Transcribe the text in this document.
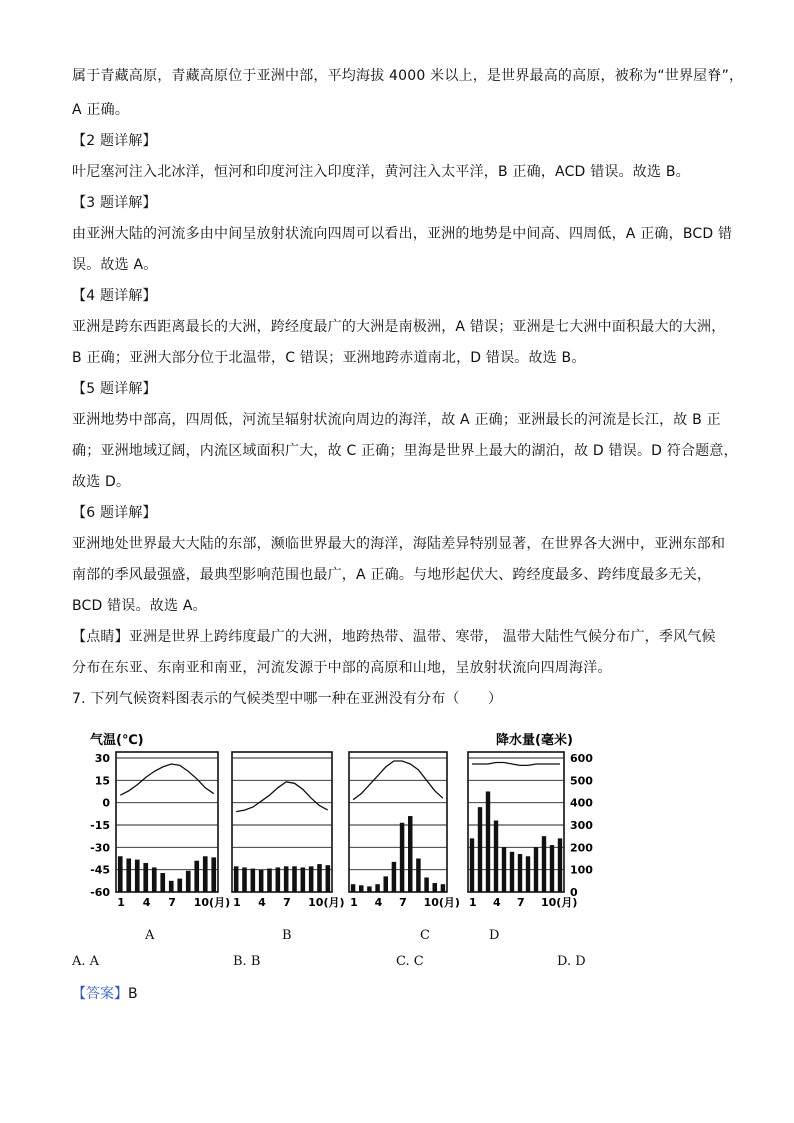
属于青藏高原，青藏高原位于亚洲中部，平均海拔 4000 米以上，是世界最高的高原，被称为“世界屋脊”，
A 正确。
【2 题详解】
叶尼塞河注入北冰洋，恒河和印度河注入印度洋，黄河注入太平洋，B 正确，ACD 错误。故选 B。
【3 题详解】
由亚洲大陆的河流多由中间呈放射状流向四周可以看出，亚洲的地势是中间高、四周低，A 正确，BCD 错
误。故选 A。
【4 题详解】
亚洲是跨东西距离最长的大洲，跨经度最广的大洲是南极洲，A 错误；亚洲是七大洲中面积最大的大洲，
B 正确；亚洲大部分位于北温带，C 错误；亚洲地跨赤道南北，D 错误。故选 B。
【5 题详解】
亚洲地势中部高，四周低，河流呈辐射状流向周边的海洋，故 A 正确；亚洲最长的河流是长江，故 B 正
确；亚洲地域辽阔，内流区域面积广大，故 C 正确；里海是世界上最大的湖泊，故 D 错误。D 符合题意，
故选 D。
【6 题详解】
亚洲地处世界最大大陆的东部，濒临世界最大的海洋，海陆差异特别显著，在世界各大洲中，亚洲东部和
南部的季风最强盛，最典型影响范围也最广，A 正确。与地形起伏大、跨经度最多、跨纬度最多无关，
BCD 错误。故选 A。
【点睛】亚洲是世界上跨纬度最广的大洲，地跨热带、温带、寒带， 温带大陆性气候分布广，季风气候
分布在东亚、东南亚和南亚，河流发源于中部的高原和山地，呈放射状流向四周海洋。
7. 下列气候资料图表示的气候类型中哪一种在亚洲没有分布（　　）
气温(℃)	降水量(毫米)
30
15
0
-15
-30
-45
-60
600
500
400
300
200
100
0
1 4 7 10(月) 1 4 7 10(月) 1 4 7 10(月) 1 4 7 10(月)
A	B	C	D
A. A	B. B	C. C	D. D
【答案】B
